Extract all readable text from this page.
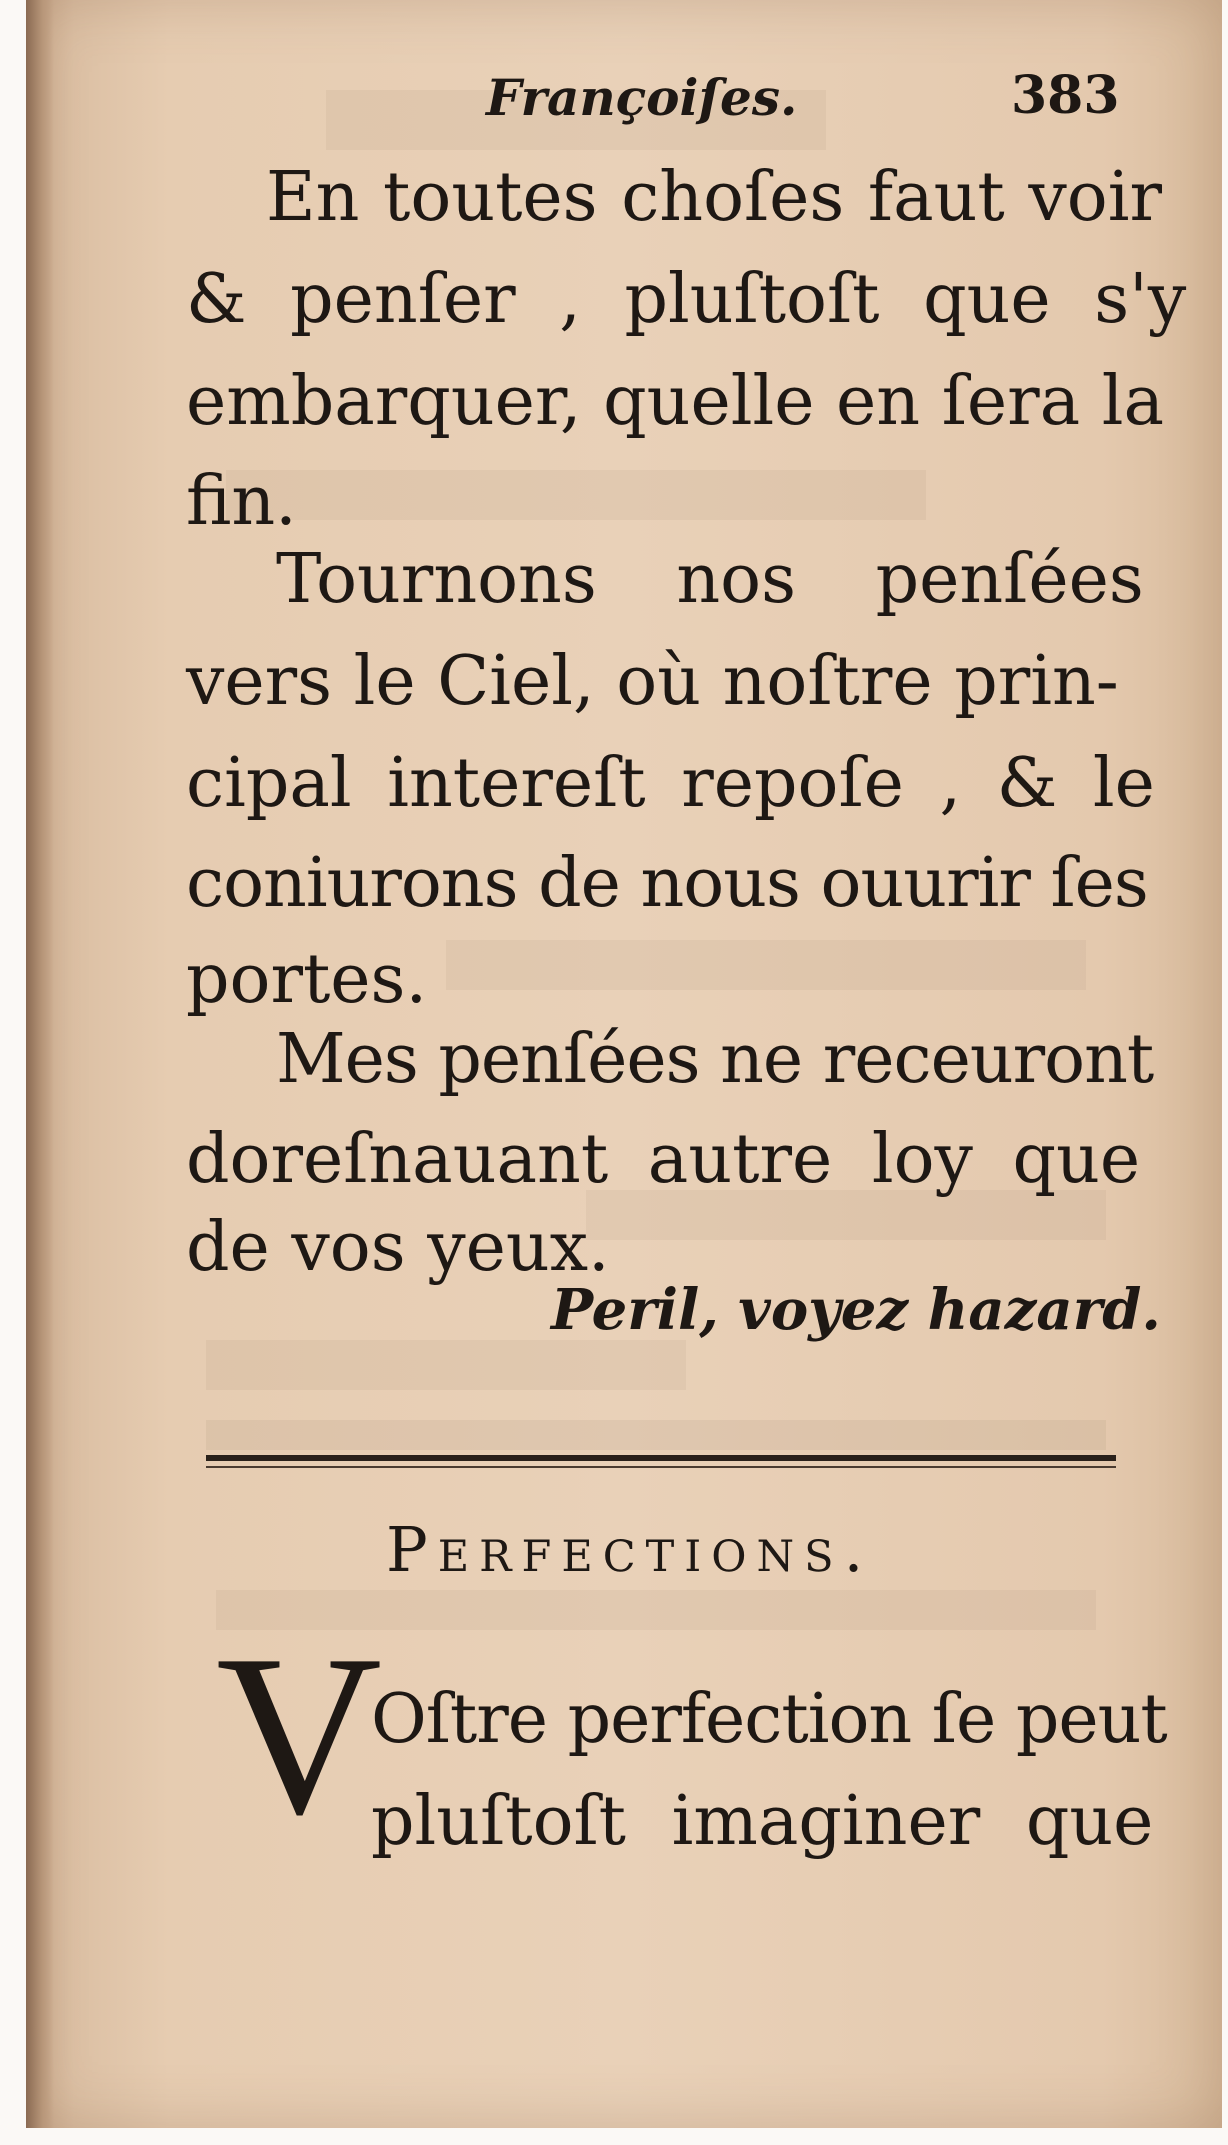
Françoiſes.	383
En toutes choſes faut voir
& penſer , pluſtoſt que s'y
embarquer, quelle en ſera la
fin.
Tournons nos penſées
vers le Ciel, où noſtre prin-
cipal intereſt repoſe , & le
coniurons de nous ouurir ſes
portes.
Mes penſées ne receuront
doreſnauant autre loy que
de vos yeux.
Peril, voyez hazard.
Perfections.
V
Oſtre perfection ſe peut
pluſtoſt imaginer que
